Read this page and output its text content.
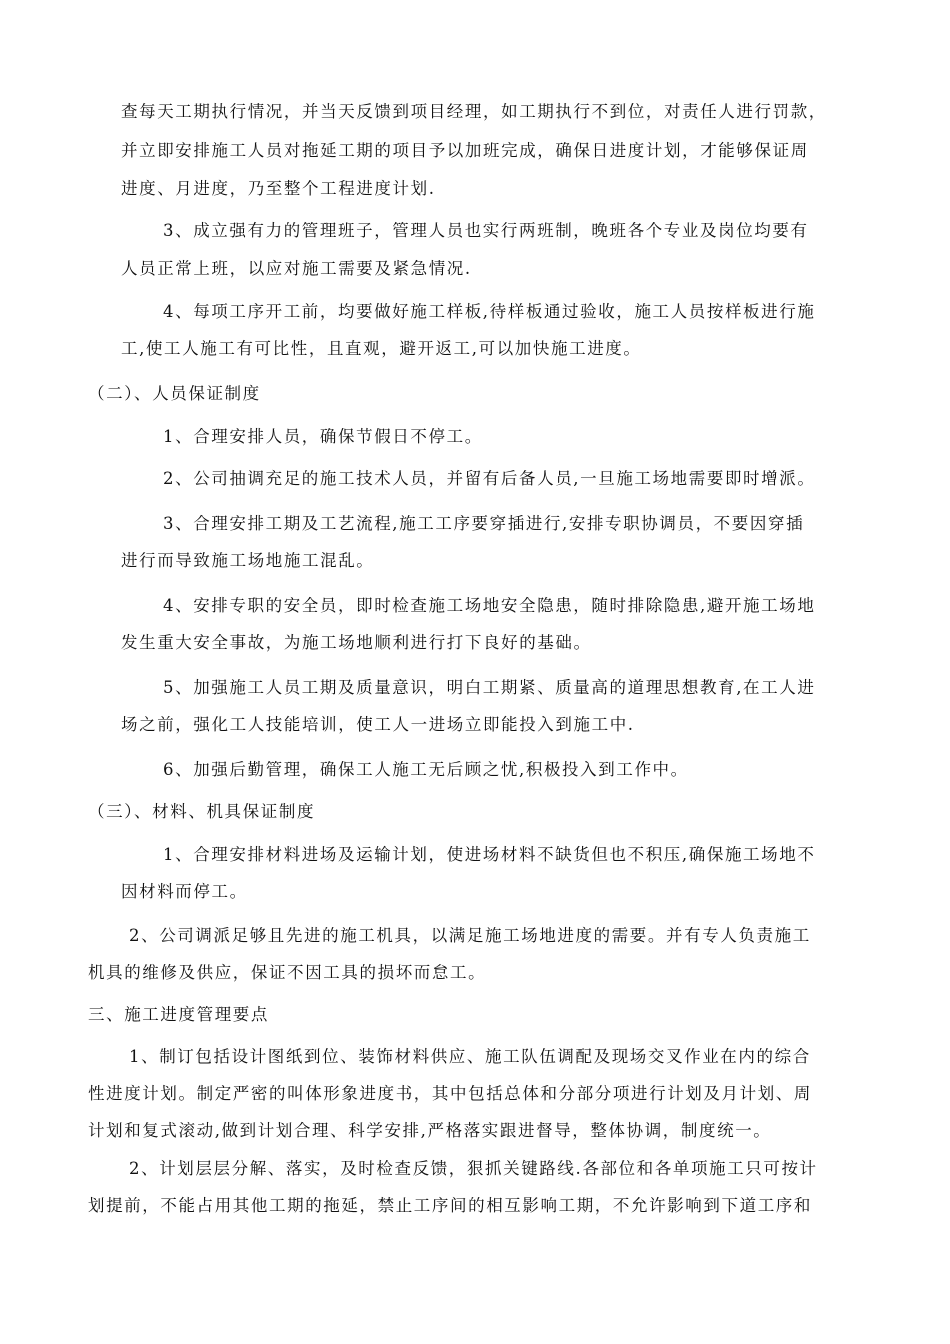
查每天工期执行情况，并当天反馈到项目经理，如工期执行不到位，对责任人进行罚款，
并立即安排施工人员对拖延工期的项目予以加班完成，确保日进度计划，才能够保证周
进度、月进度，乃至整个工程进度计划.
3、成立强有力的管理班子，管理人员也实行两班制，晚班各个专业及岗位均要有
人员正常上班，以应对施工需要及紧急情况.
4、每项工序开工前，均要做好施工样板,待样板通过验收，施工人员按样板进行施
工,使工人施工有可比性，且直观，避开返工,可以加快施工进度。
（二）、人员保证制度
1、合理安排人员，确保节假日不停工。
2、公司抽调充足的施工技术人员，并留有后备人员,一旦施工场地需要即时增派。
3、合理安排工期及工艺流程,施工工序要穿插进行,安排专职协调员，不要因穿插
进行而导致施工场地施工混乱。
4、安排专职的安全员，即时检查施工场地安全隐患，随时排除隐患,避开施工场地
发生重大安全事故，为施工场地顺利进行打下良好的基础。
5、加强施工人员工期及质量意识，明白工期紧、质量高的道理思想教育,在工人进
场之前，强化工人技能培训，使工人一进场立即能投入到施工中.
6、加强后勤管理，确保工人施工无后顾之忧,积极投入到工作中。
（三）、材料、机具保证制度
1、合理安排材料进场及运输计划，使进场材料不缺货但也不积压,确保施工场地不
因材料而停工。
2、公司调派足够且先进的施工机具，以满足施工场地进度的需要。并有专人负责施工
机具的维修及供应，保证不因工具的损坏而怠工。
三、施工进度管理要点
1、制订包括设计图纸到位、装饰材料供应、施工队伍调配及现场交叉作业在内的综合
性进度计划。制定严密的叫体形象进度书，其中包括总体和分部分项进行计划及月计划、周
计划和复式滚动,做到计划合理、科学安排,严格落实跟进督导，整体协调，制度统一。
2、计划层层分解、落实，及时检查反馈，狠抓关键路线.各部位和各单项施工只可按计
划提前，不能占用其他工期的拖延，禁止工序间的相互影响工期，不允许影响到下道工序和
